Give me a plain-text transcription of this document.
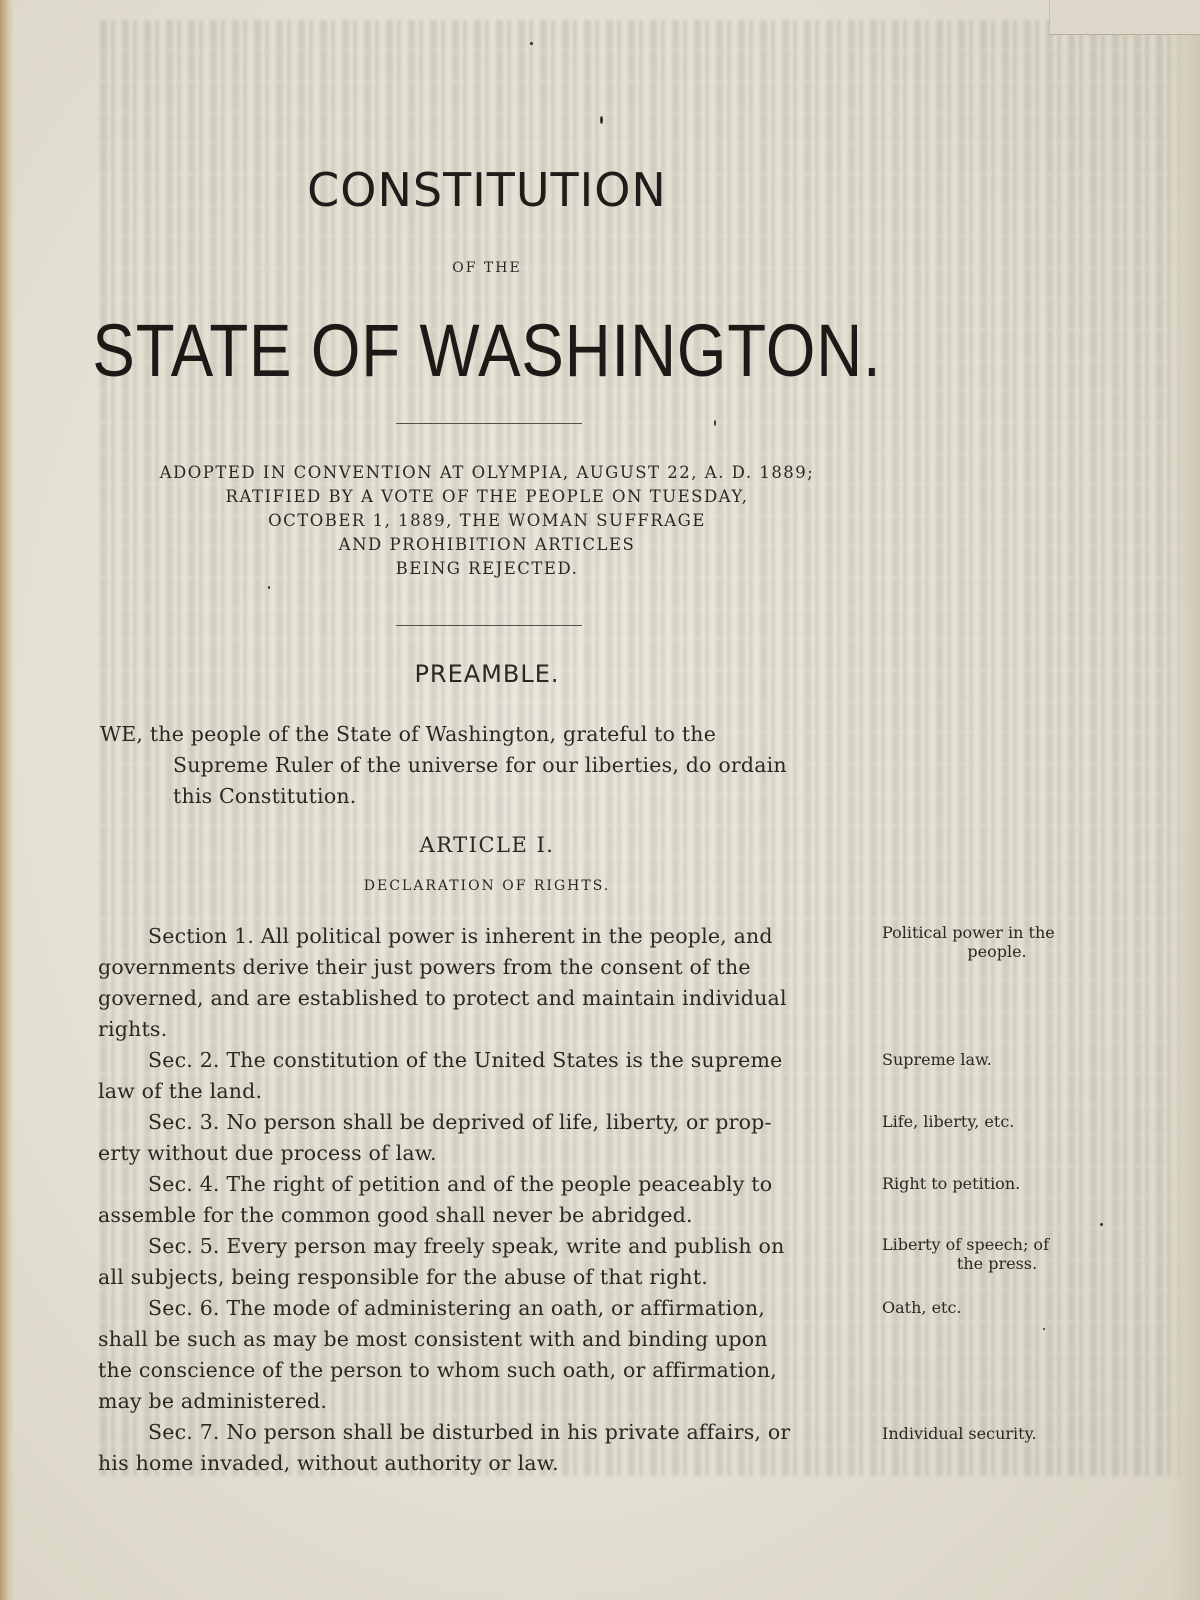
CONSTITUTION
OF THE
STATE OF WASHINGTON.
ADOPTED IN CONVENTION AT OLYMPIA, AUGUST 22, A. D. 1889;
RATIFIED BY A VOTE OF THE PEOPLE ON TUESDAY,
OCTOBER 1, 1889, THE WOMAN SUFFRAGE
AND PROHIBITION ARTICLES
BEING REJECTED.
PREAMBLE.
WE, the people of the State of Washington, grateful to the
Supreme Ruler of the universe for our liberties, do ordain
this Constitution.
ARTICLE I.
DECLARATION OF RIGHTS.
Section 1. All political power is inherent in the people, and
governments derive their just powers from the consent of the
governed, and are established to protect and maintain individual
rights.
Political power in the
people.
Sec. 2. The constitution of the United States is the supreme
law of the land.
Supreme law.
Sec. 3. No person shall be deprived of life, liberty, or prop-
erty without due process of law.
Life, liberty, etc.
Sec. 4. The right of petition and of the people peaceably to
assemble for the common good shall never be abridged.
Right to petition.
Sec. 5. Every person may freely speak, write and publish on
all subjects, being responsible for the abuse of that right.
Liberty of speech; of
the press.
Sec. 6. The mode of administering an oath, or affirmation,
shall be such as may be most consistent with and binding upon
the conscience of the person to whom such oath, or affirmation,
may be administered.
Oath, etc.
Sec. 7. No person shall be disturbed in his private affairs, or
his home invaded, without authority or law.
Individual security.
